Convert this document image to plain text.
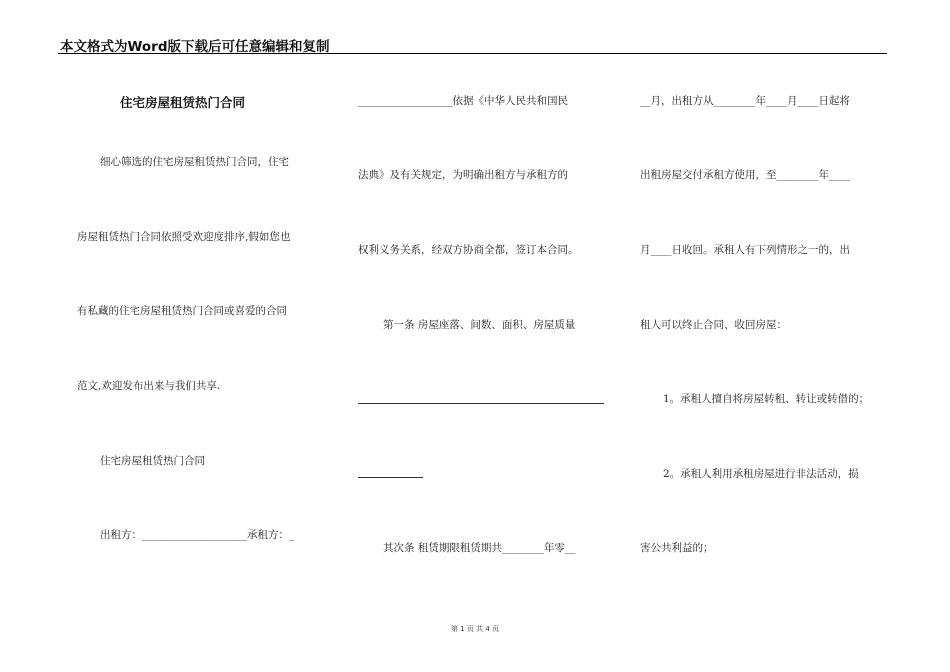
本文格式为Word版下载后可任意编辑和复制
住宅房屋租赁热门合同
细心筛选的住宅房屋租赁热门合同，住宅
房屋租赁热门合同依照受欢迎度排序,假如您也
有私藏的住宅房屋租赁热门合同或喜爱的合同
范文,欢迎发布出来与我们共享.
住宅房屋租赁热门合同
出租方：____________________承租方：_
__________________依据《中华人民共和国民
法典》及有关规定，为明确出租方与承租方的
权利义务关系，经双方协商全都，签订本合同。
第一条 房屋座落、间数、面积、房屋质量
其次条 租赁期限租赁期共________年零__
__月，出租方从________年____月____日起将
出租房屋交付承租方使用，至________年____
月____日收回。承租人有下列情形之一的，出
租人可以终止合同、收回房屋：
1。承租人擅自将房屋转租、转让或转借的；
2。承租人利用承租房屋进行非法活动，损
害公共利益的；
第 1 页 共 4 页
